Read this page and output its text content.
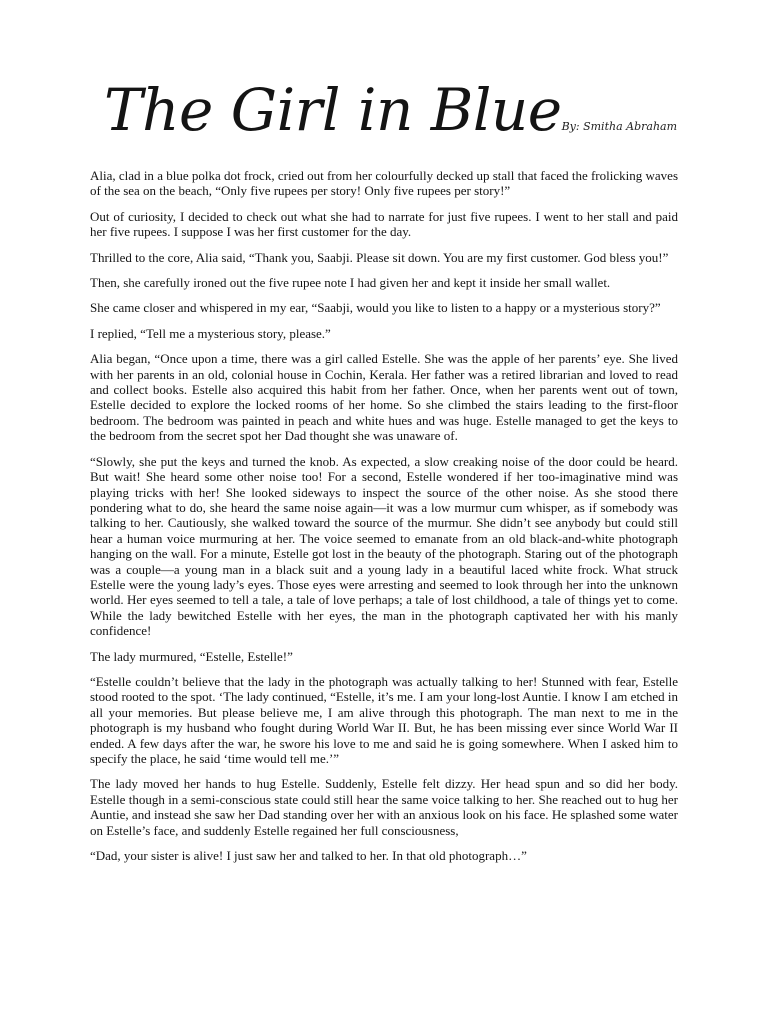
The Girl in BlueBy: Smitha Abraham

Alia, clad in a blue polka dot frock, cried out from her colourfully decked up stall that faced the frolicking waves of the sea on the beach, “Only five rupees per story! Only five rupees per story!”

Out of curiosity, I decided to check out what she had to narrate for just five rupees. I went to her stall and paid her five rupees. I suppose I was her first customer for the day.

Thrilled to the core, Alia said, “Thank you, Saabji. Please sit down. You are my first customer. God bless you!”

Then, she carefully ironed out the five rupee note I had given her and kept it inside her small wallet.

She came closer and whispered in my ear, “Saabji, would you like to listen to a happy or a mysterious story?”

I replied, “Tell me a mysterious story, please.”

Alia began, “Once upon a time, there was a girl called Estelle. She was the apple of her parents’ eye. She lived with her parents in an old, colonial house in Cochin, Kerala. Her father was a retired librarian and loved to read and collect books. Estelle also acquired this habit from her father. Once, when her parents went out of town, Estelle decided to explore the locked rooms of her home. So she climbed the stairs leading to the first-floor bedroom. The bedroom was painted in peach and white hues and was huge. Estelle managed to get the keys to the bedroom from the secret spot her Dad thought she was unaware of.

“Slowly, she put the keys and turned the knob. As expected, a slow creaking noise of the door could be heard. But wait! She heard some other noise too! For a second, Estelle wondered if her too-imaginative mind was playing tricks with her! She looked sideways to inspect the source of the other noise. As she stood there pondering what to do, she heard the same noise again—it was a low murmur cum whisper, as if somebody was talking to her. Cautiously, she walked toward the source of the murmur. She didn’t see anybody but could still hear a human voice murmuring at her. The voice seemed to emanate from an old black-and-white photograph hanging on the wall. For a minute, Estelle got lost in the beauty of the photograph. Staring out of the photograph was a couple—a young man in a black suit and a young lady in a beautiful laced white frock. What struck Estelle were the young lady’s eyes. Those eyes were arresting and seemed to look through her into the unknown world. Her eyes seemed to tell a tale, a tale of love perhaps; a tale of lost childhood, a tale of things yet to come. While the lady bewitched Estelle with her eyes, the man in the photograph captivated her with his manly confidence!

The lady murmured, “Estelle, Estelle!”

“Estelle couldn’t believe that the lady in the photograph was actually talking to her! Stunned with fear, Estelle stood rooted to the spot. ‘The lady continued, “Estelle, it’s me. I am your long-lost Auntie. I know I am etched in all your memories. But please believe me, I am alive through this photograph. The man next to me in the photograph is my husband who fought during World War II. But, he has been missing ever since World War II ended. A few days after the war, he swore his love to me and said he is going somewhere. When I asked him to specify the place, he said ‘time would tell me.’”

The lady moved her hands to hug Estelle. Suddenly, Estelle felt dizzy. Her head spun and so did her body. Estelle though in a semi-conscious state could still hear the same voice talking to her. She reached out to hug her Auntie, and instead she saw her Dad standing over her with an anxious look on his face. He splashed some water on Estelle’s face, and suddenly Estelle regained her full consciousness,

“Dad, your sister is alive! I just saw her and talked to her. In that old photograph…”
